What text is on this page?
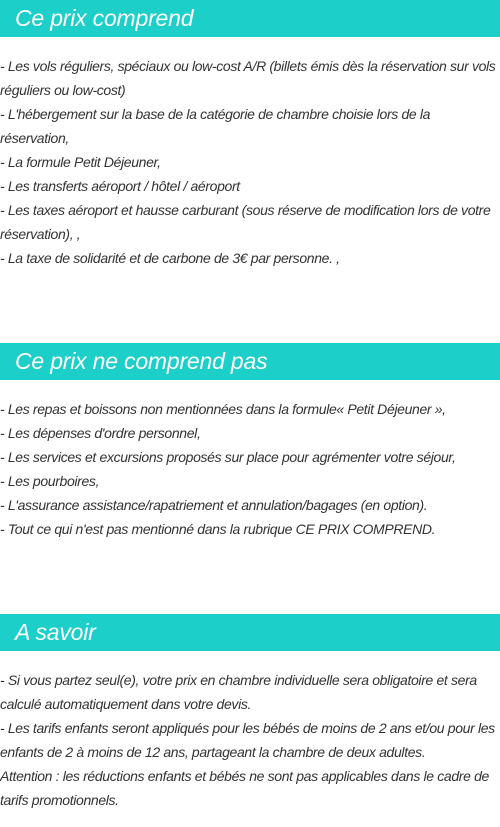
Ce prix comprend
- Les vols réguliers, spéciaux ou low-cost A/R (billets émis dès la réservation sur vols réguliers ou low-cost)
- L'hébergement sur la base de la catégorie de chambre choisie lors de la réservation,
- La formule Petit Déjeuner,
- Les transferts aéroport / hôtel / aéroport
- Les taxes aéroport et hausse carburant (sous réserve de modification lors de votre réservation), ,
- La taxe de solidarité et de carbone de 3€ par personne. ,
Ce prix ne comprend pas
- Les repas et boissons non mentionnées dans la formule« Petit Déjeuner »,
- Les dépenses d'ordre personnel,
- Les services et excursions proposés sur place pour agrémenter votre séjour,
- Les pourboires,
- L'assurance assistance/rapatriement et annulation/bagages (en option).
- Tout ce qui n'est pas mentionné dans la rubrique CE PRIX COMPREND.
A savoir
- Si vous partez seul(e), votre prix en chambre individuelle sera obligatoire et sera calculé automatiquement dans votre devis.
- Les tarifs enfants seront appliqués pour les bébés de moins de 2 ans et/ou pour les enfants de 2 à moins de 12 ans, partageant la chambre de deux adultes.
Attention : les réductions enfants et bébés ne sont pas applicables dans le cadre de tarifs promotionnels.
